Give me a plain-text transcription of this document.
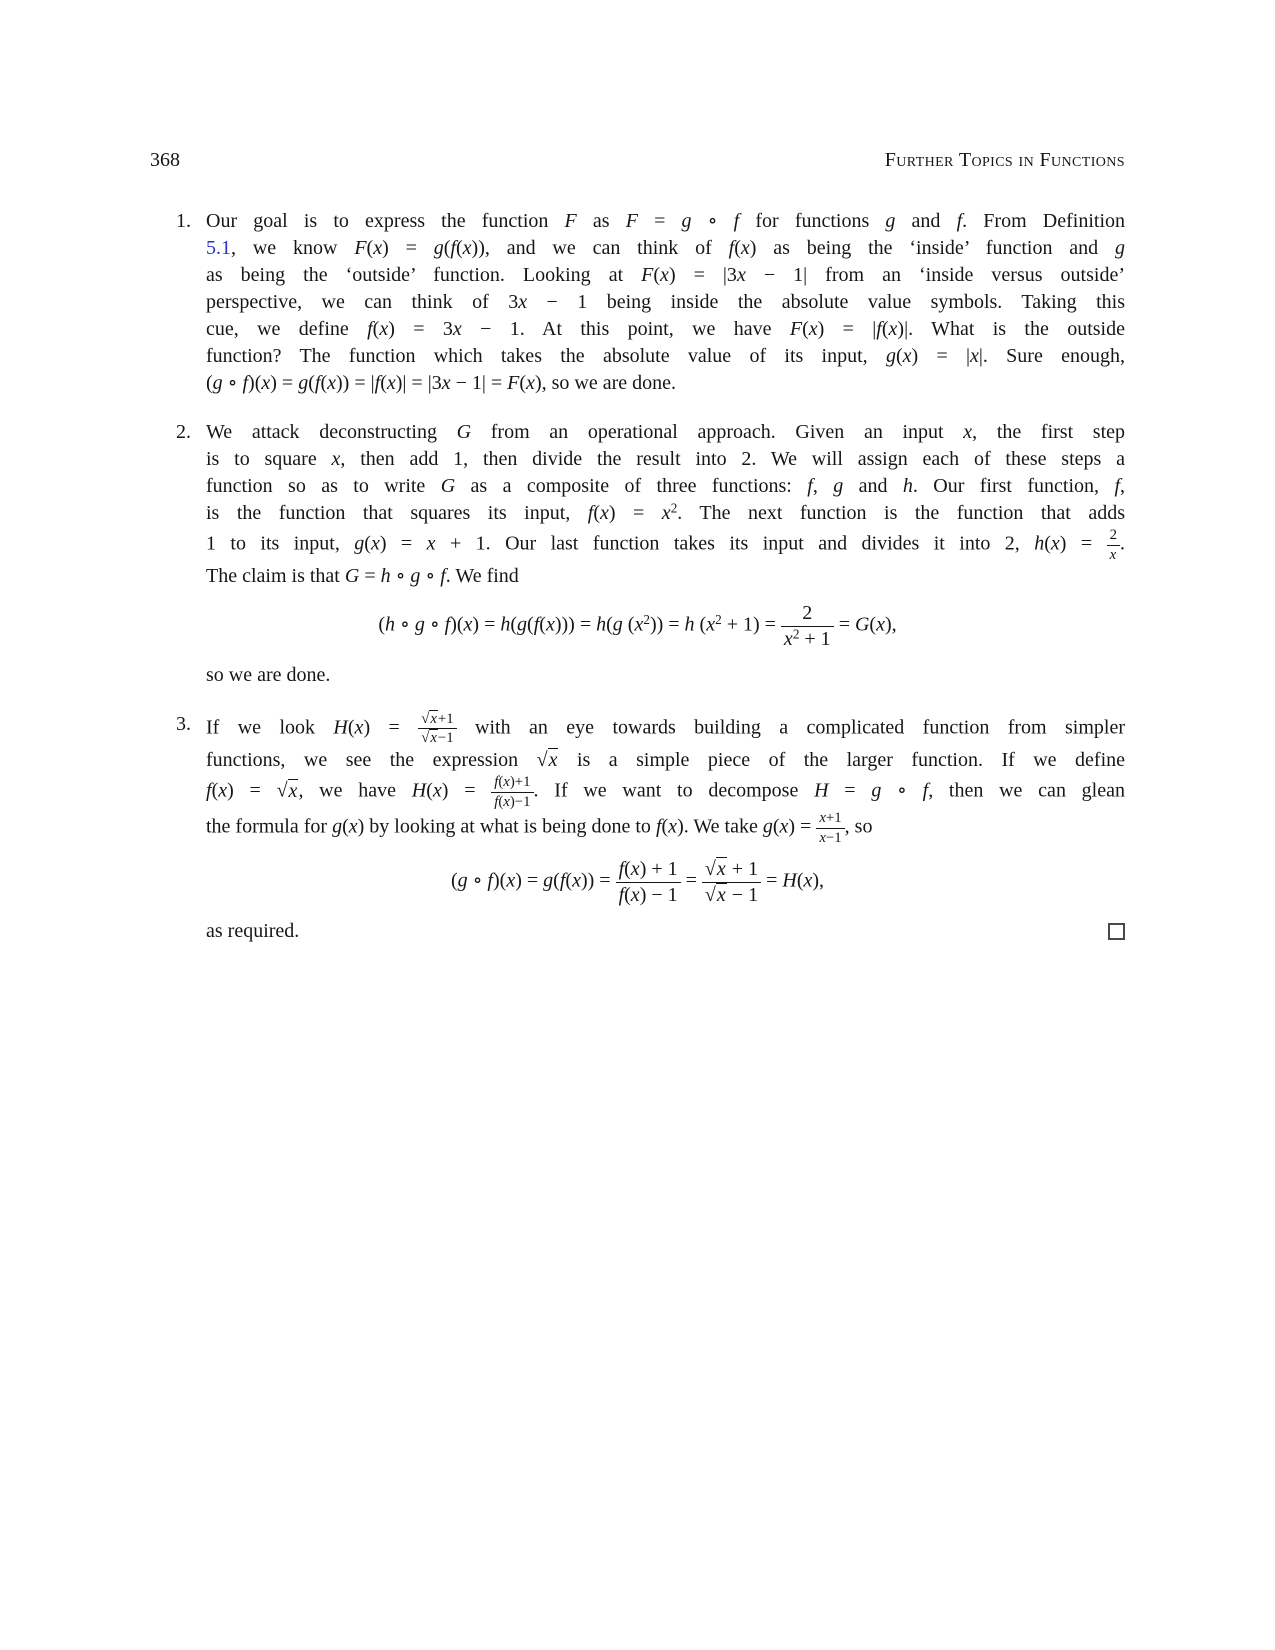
368	Further Topics in Functions
1. Our goal is to express the function F as F = g ∘ f for functions g and f. From Definition
5.1, we know F(x) = g(f(x)), and we can think of f(x) as being the ‘inside’ function and g
as being the ‘outside’ function. Looking at F(x) = |3x − 1| from an ‘inside versus outside’
perspective, we can think of 3x − 1 being inside the absolute value symbols. Taking this
cue, we define f(x) = 3x − 1. At this point, we have F(x) = |f(x)|. What is the outside
function? The function which takes the absolute value of its input, g(x) = |x|. Sure enough,
(g ∘ f)(x) = g(f(x)) = |f(x)| = |3x − 1| = F(x), so we are done.
2. We attack deconstructing G from an operational approach. Given an input x, the first step
is to square x, then add 1, then divide the result into 2. We will assign each of these steps a
function so as to write G as a composite of three functions: f, g and h. Our first function, f,
is the function that squares its input, $f(x) = x^2$. The next function is the function that adds
1 to its input, g(x) = x + 1. Our last function takes its input and divides it into 2, $h(x) = \frac{2}{x}$ .
The claim is that G = h ∘ g ∘ f. We find
(h ∘ g ∘ f)(x) = h(g(f(x))) = h(g $(x^2)) = h$ $(x^2 + 1) = \frac{2}{x^2 + 1} = G(x)$,
so we are done.
3. If we look $H(x) = \frac{√x+1}{√x-1}$ with an eye towards building a complicated function from simpler
functions, we see the expression √x is a simple piece of the larger function. If we define
f(x) = √x, we have $H(x) = \frac{f(x)+1}{f(x)-1}$ . If we want to decompose H = g ∘ f, then we can glean
the formula for g(x) by looking at what is being done to f(x). We take $g(x) = \frac{x+1}{x-1}$ , so
(g ∘ $f)(x) = g(f(x)) = \frac{f(x) + 1}{f(x) - 1} = \frac{√x + 1}{√x - 1} = H(x)$,
as required.
